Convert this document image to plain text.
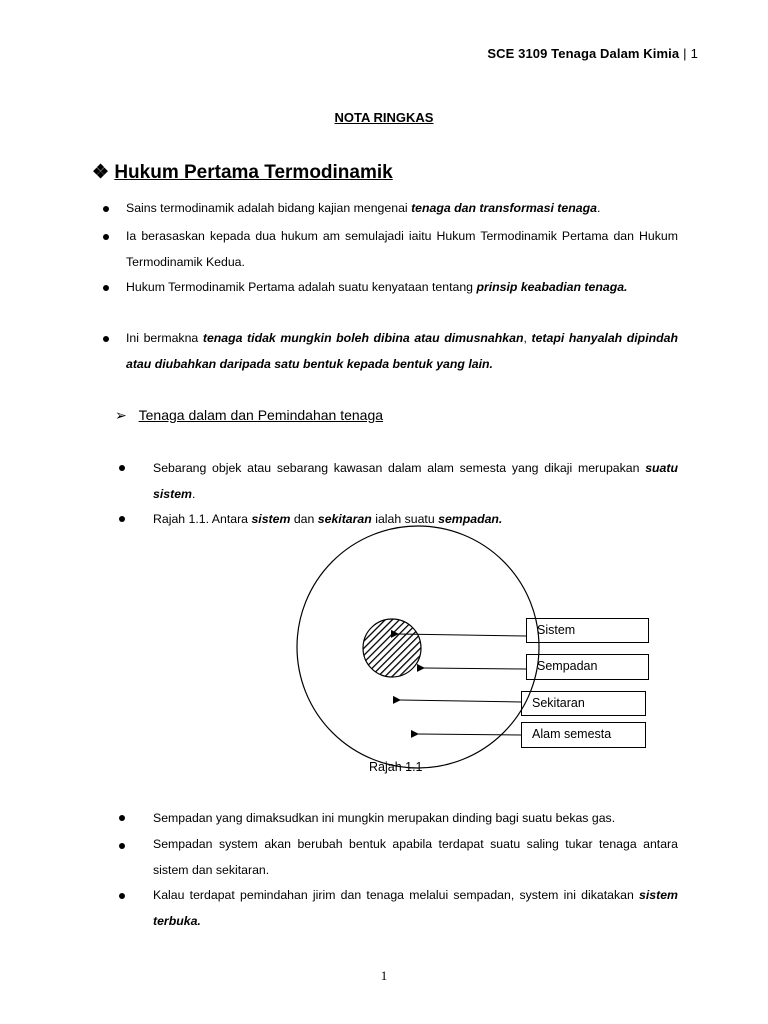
SCE 3109 Tenaga Dalam Kimia | 1
NOTA RINGKAS
❖ Hukum Pertama Termodinamik
Sains termodinamik adalah bidang kajian mengenai tenaga dan transformasi tenaga.
Ia berasaskan kepada dua hukum am semulajadi iaitu Hukum Termodinamik Pertama dan Hukum Termodinamik Kedua.
Hukum Termodinamik Pertama adalah suatu kenyataan tentang prinsip keabadian tenaga.
Ini bermakna tenaga tidak mungkin boleh dibina atau dimusnahkan, tetapi hanyalah dipindah atau diubahkan daripada satu bentuk kepada bentuk yang lain.
➢ Tenaga dalam dan Pemindahan tenaga
Sebarang objek atau sebarang kawasan dalam alam semesta yang dikaji merupakan suatu sistem.
Rajah 1.1. Antara sistem dan sekitaran ialah suatu sempadan.
Sistem
Sempadan
Sekitaran
Alam semesta
Rajah 1.1
Sempadan yang dimaksudkan ini mungkin merupakan dinding bagi suatu bekas gas.
Sempadan system akan berubah bentuk apabila terdapat suatu saling tukar tenaga antara sistem dan sekitaran.
Kalau terdapat pemindahan jirim dan tenaga melalui sempadan, system ini dikatakan sistem terbuka.
1
